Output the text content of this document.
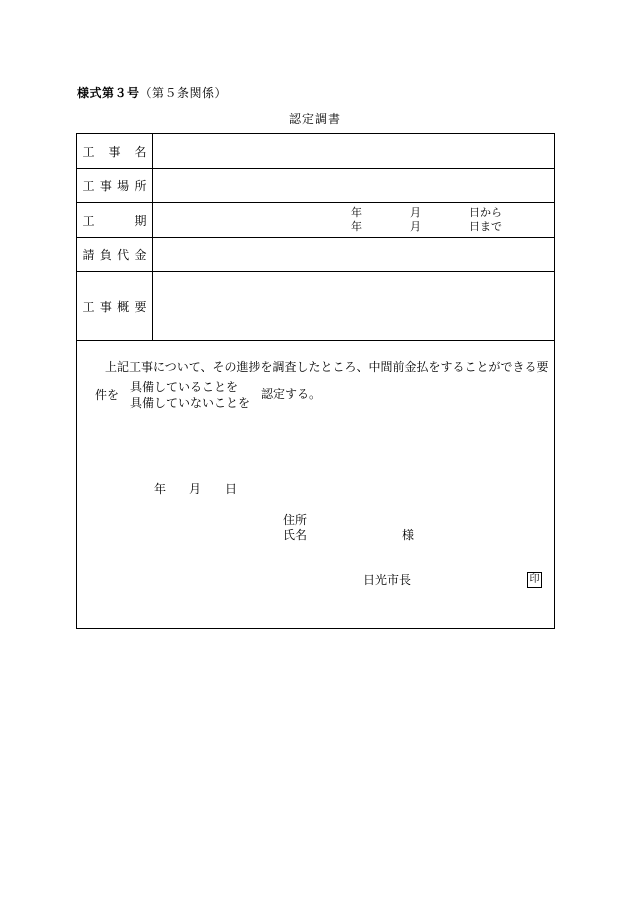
様式第３号（第５条関係）
認定調書
工 事 名
工 事 場 所
工	期
年	月	日から
年	月	日まで
請 負 代 金
工 事 概 要
上記工事について、その進捗を調査したところ、中間前金払をすることができる要
件を
具備していることを
具備していないことを
認定する。
年 月 日
住所
氏名	様
日光市長	印
